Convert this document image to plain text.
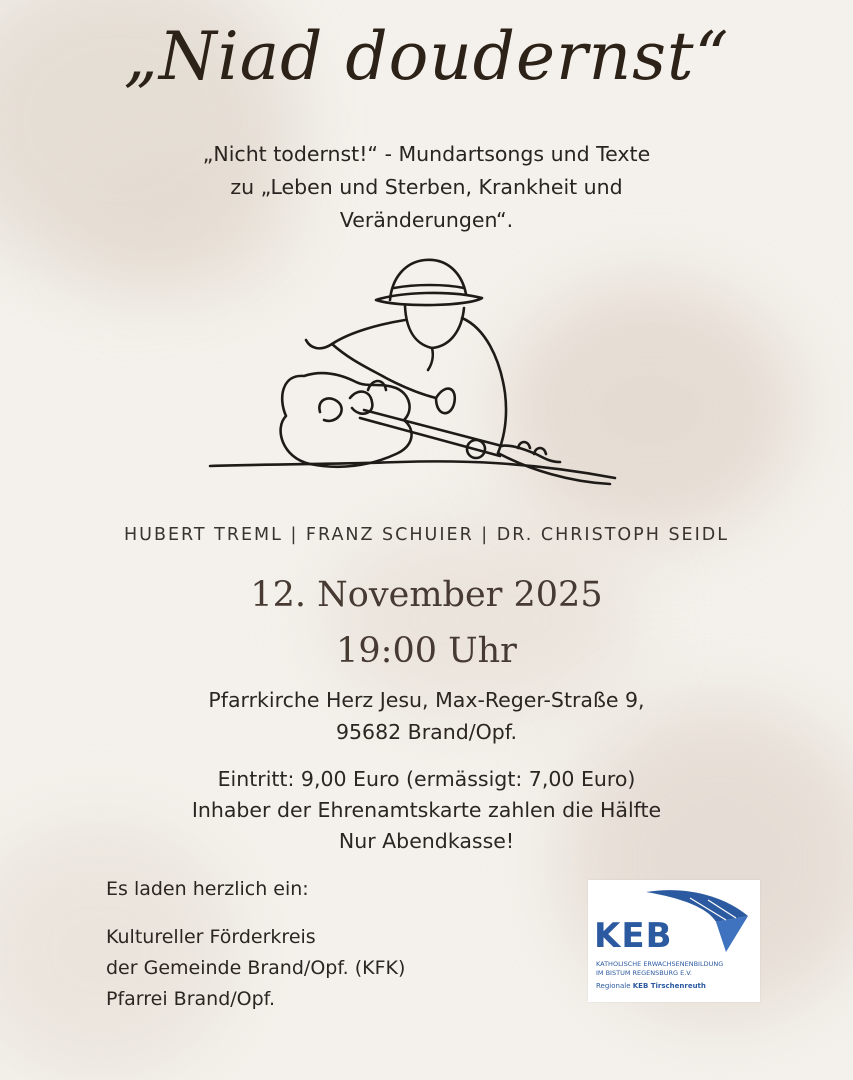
„Niad doudernst“
„Nicht todernst!“ - Mundartsongs und Texte
zu „Leben und Sterben, Krankheit und
Veränderungen“.
HUBERT TREML | FRANZ SCHUIER | DR. CHRISTOPH SEIDL
12. November 2025
19:00 Uhr
Pfarrkirche Herz Jesu, Max-Reger-Straße 9,
95682 Brand/Opf.
Eintritt: 9,00 Euro (ermässigt: 7,00 Euro)
Inhaber der Ehrenamtskarte zahlen die Hälfte
Nur Abendkasse!
Es laden herzlich ein:
Kultureller Förderkreis
der Gemeinde Brand/Opf. (KFK)
Pfarrei Brand/Opf.
KEB
KATHOLISCHE ERWACHSENENBILDUNG
IM BISTUM REGENSBURG E.V.
Regionale KEB Tirschenreuth
